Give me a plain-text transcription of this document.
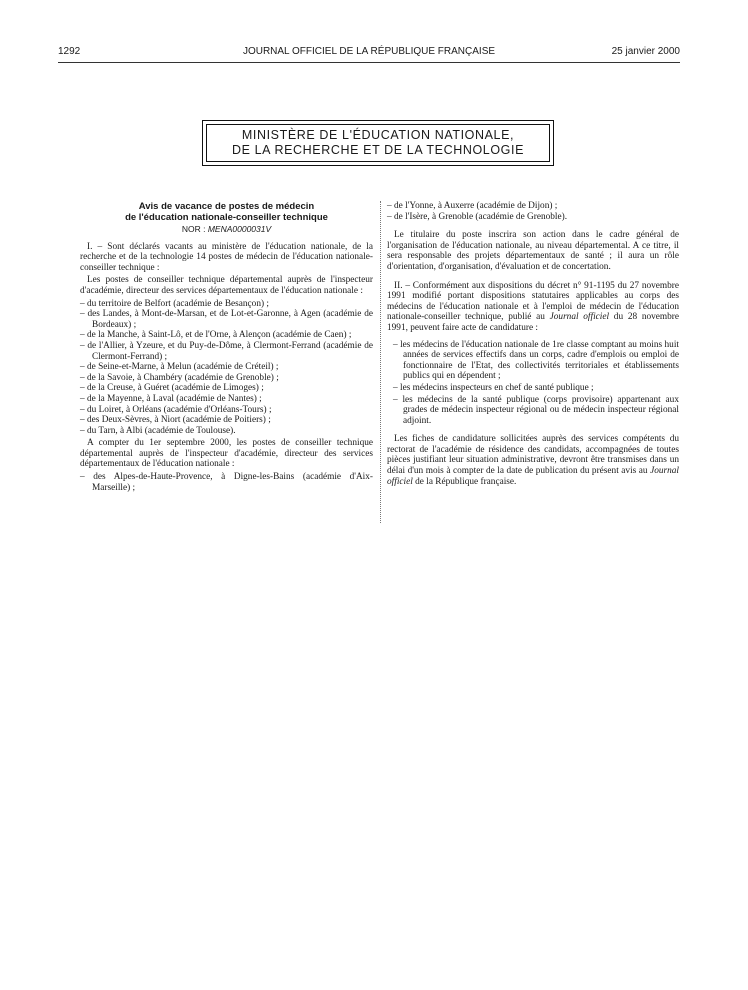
1292	JOURNAL OFFICIEL DE LA RÉPUBLIQUE FRANÇAISE	25 janvier 2000
MINISTÈRE DE L'ÉDUCATION NATIONALE,
DE LA RECHERCHE ET DE LA TECHNOLOGIE
Avis de vacance de postes de médecin
de l'éducation nationale-conseiller technique
NOR : MENA0000031V

I. – Sont déclarés vacants au ministère de l'éducation nationale, de la recherche et de la technologie 14 postes de médecin de l'éducation nationale-conseiller technique :

Les postes de conseiller technique départemental auprès de l'inspecteur d'académie, directeur des services départementaux de l'éducation nationale :

– du territoire de Belfort (académie de Besançon) ;
– des Landes, à Mont-de-Marsan, et de Lot-et-Garonne, à Agen (académie de Bordeaux) ;
– de la Manche, à Saint-Lô, et de l'Orne, à Alençon (académie de Caen) ;
– de l'Allier, à Yzeure, et du Puy-de-Dôme, à Clermont-Ferrand (académie de Clermont-Ferrand) ;
– de Seine-et-Marne, à Melun (académie de Créteil) ;
– de la Savoie, à Chambéry (académie de Grenoble) ;
– de la Creuse, à Guéret (académie de Limoges) ;
– de la Mayenne, à Laval (académie de Nantes) ;
– du Loiret, à Orléans (académie d'Orléans-Tours) ;
– des Deux-Sèvres, à Niort (académie de Poitiers) ;
– du Tarn, à Albi (académie de Toulouse).

A compter du 1er septembre 2000, les postes de conseiller technique départemental auprès de l'inspecteur d'académie, directeur des services départementaux de l'éducation nationale :

– des Alpes-de-Haute-Provence, à Digne-les-Bains (académie d'Aix-Marseille) ;
– de l'Yonne, à Auxerre (académie de Dijon) ;
– de l'Isère, à Grenoble (académie de Grenoble).

Le titulaire du poste inscrira son action dans le cadre général de l'organisation de l'éducation nationale, au niveau départemental. A ce titre, il sera responsable des projets départementaux de santé ; il aura un rôle d'orientation, d'organisation, d'évaluation et de concertation.

II. – Conformément aux dispositions du décret n° 91-1195 du 27 novembre 1991 modifié portant dispositions statutaires applicables au corps des médecins de l'éducation nationale et à l'emploi de médecin de l'éducation nationale-conseiller technique, publié au Journal officiel du 28 novembre 1991, peuvent faire acte de candidature :

– les médecins de l'éducation nationale de 1re classe comptant au moins huit années de services effectifs dans un corps, cadre d'emplois ou emploi de fonctionnaire de l'Etat, des collectivités territoriales et établissements publics qui en dépendent ;
– les médecins inspecteurs en chef de santé publique ;
– les médecins de la santé publique (corps provisoire) appartenant aux grades de médecin inspecteur régional ou de médecin inspecteur régional adjoint.

Les fiches de candidature sollicitées auprès des services compétents du rectorat de l'académie de résidence des candidats, accompagnées de toutes pièces justifiant leur situation administrative, devront être transmises dans un délai d'un mois à compter de la date de publication du présent avis au Journal officiel de la République française.
